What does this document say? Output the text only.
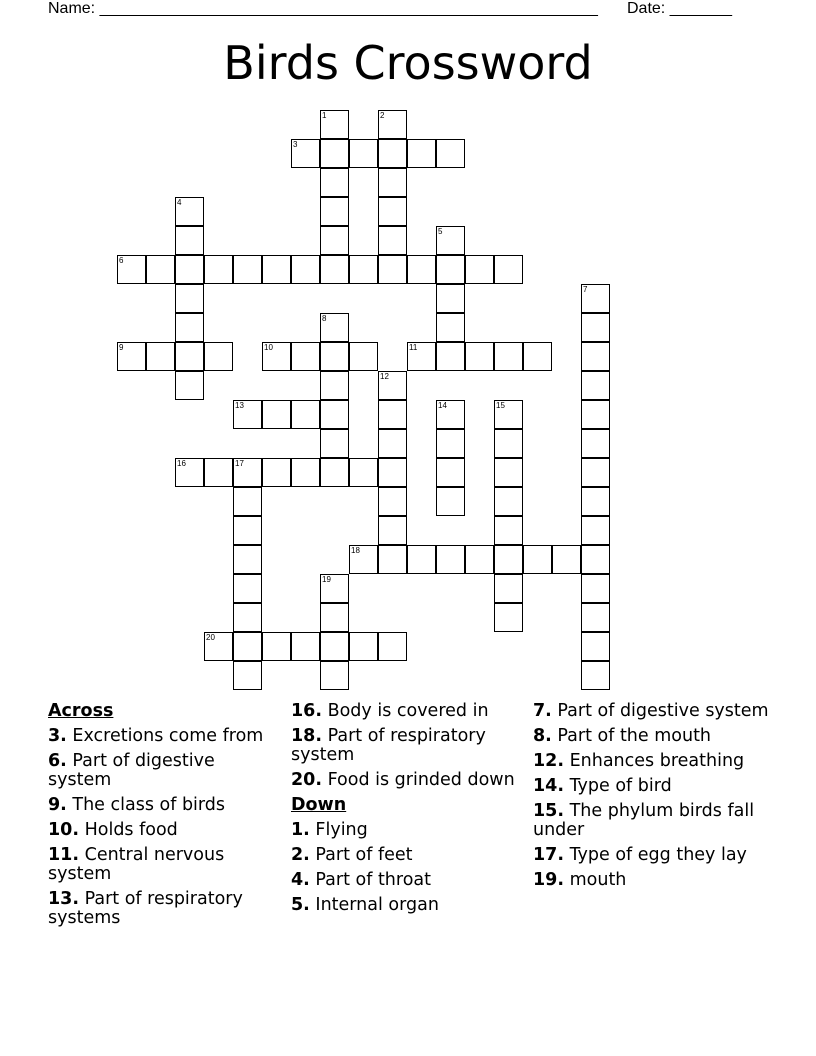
Name: ________________________________________________________ Date: _______
Birds Crossword
1	2
3
4
5
6
7
8
9	10	11
12
13	14	15
16	17
18
19
20
Across
3. Excretions come from
6. Part of digestive system
9. The class of birds
10. Holds food
11. Central nervous system
13. Part of respiratory systems
16. Body is covered in
18. Part of respiratory system
20. Food is grinded down
Down
1. Flying
2. Part of feet
4. Part of throat
5. Internal organ
7. Part of digestive system
8. Part of the mouth
12. Enhances breathing
14. Type of bird
15. The phylum birds fall under
17. Type of egg they lay
19. mouth
